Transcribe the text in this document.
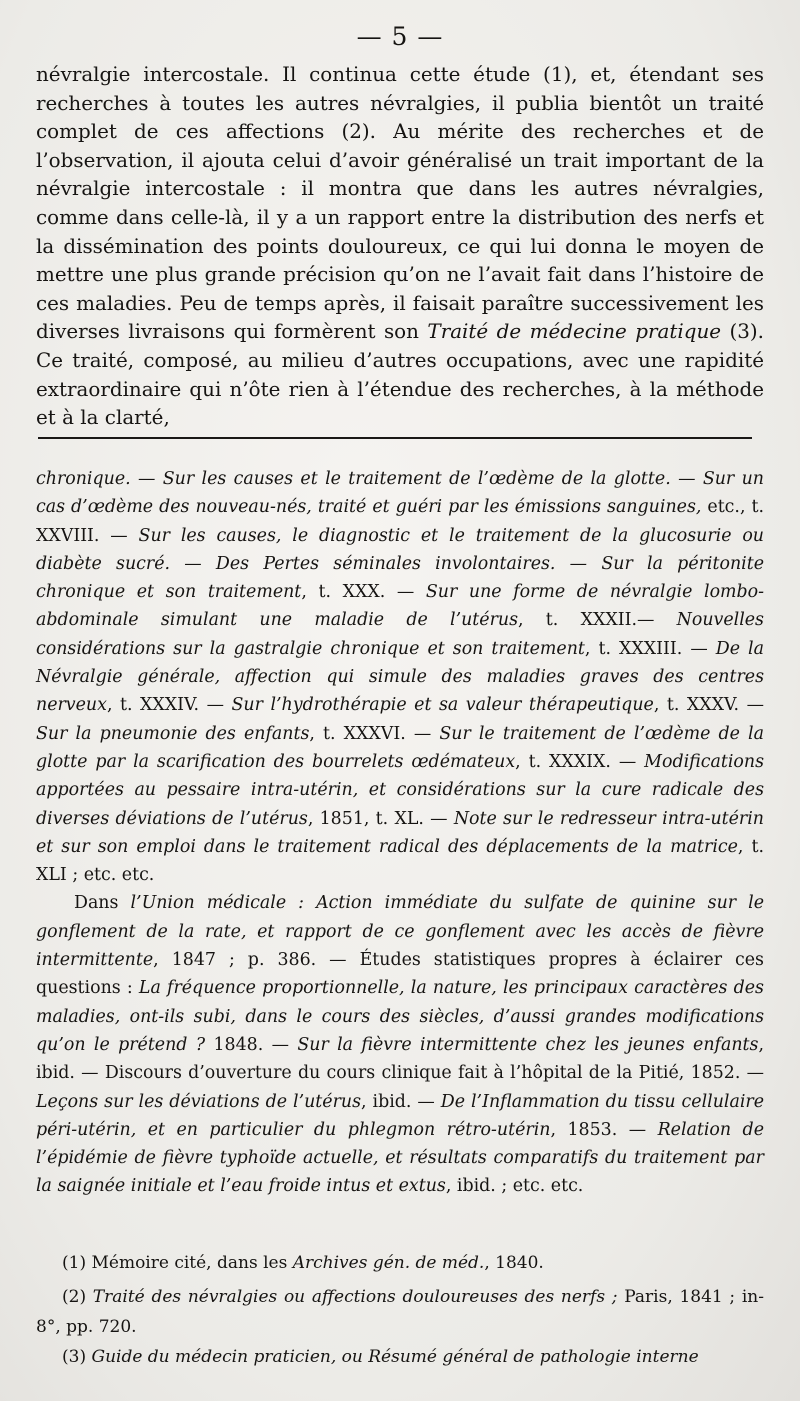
— 5 —
névralgie intercostale. Il continua cette étude (1), et, étendant ses recherches à toutes les autres névralgies, il publia bientôt un traité complet de ces affections (2). Au mérite des recherches et de l’observation, il ajouta celui d’avoir généralisé un trait important de la névralgie intercostale : il montra que dans les autres névralgies, comme dans celle-là, il y a un rapport entre la distribution des nerfs et la dissémination des points douloureux, ce qui lui donna le moyen de mettre une plus grande précision qu’on ne l’avait fait dans l’histoire de ces maladies. Peu de temps après, il faisait paraître successivement les diverses livraisons qui formèrent son Traité de médecine pratique (3). Ce traité, composé, au milieu d’autres occupations, avec une rapidité extraordinaire qui n’ôte rien à l’étendue des recherches, à la méthode et à la clarté,

chronique. — Sur les causes et le traitement de l’œdème de la glotte. — Sur un cas d’œdème des nouveau-nés, traité et guéri par les émissions sanguines, etc., t. XXVIII. — Sur les causes, le diagnostic et le traitement de la glucosurie ou diabète sucré. — Des Pertes séminales involontaires. — Sur la péritonite chronique et son traitement, t. XXX. — Sur une forme de névralgie lombo-abdominale simulant une maladie de l’utérus, t. XXXII.— Nouvelles considérations sur la gastralgie chronique et son traitement, t. XXXIII. — De la Névralgie générale, affection qui simule des maladies graves des centres nerveux, t. XXXIV. — Sur l’hydrothérapie et sa valeur thérapeutique, t. XXXV. — Sur la pneumonie des enfants, t. XXXVI. — Sur le traitement de l’œdème de la glotte par la scarification des bourrelets œdémateux, t. XXXIX. — Modifications apportées au pessaire intra-utérin, et considérations sur la cure radicale des diverses déviations de l’utérus, 1851, t. XL. — Note sur le redresseur intra-utérin et sur son emploi dans le traitement radical des déplacements de la matrice, t. XLI ; etc. etc.

Dans l’Union médicale : Action immédiate du sulfate de quinine sur le gonflement de la rate, et rapport de ce gonflement avec les accès de fièvre intermittente, 1847 ; p. 386. — Études statistiques propres à éclairer ces questions : La fréquence proportionnelle, la nature, les principaux caractères des maladies, ont-ils subi, dans le cours des siècles, d’aussi grandes modifications qu’on le prétend ? 1848. — Sur la fièvre intermittente chez les jeunes enfants, ibid. — Discours d’ouverture du cours clinique fait à l’hôpital de la Pitié, 1852. — Leçons sur les déviations de l’utérus, ibid. — De l’Inflammation du tissu cellulaire péri-utérin, et en particulier du phlegmon rétro-utérin, 1853. — Relation de l’épidémie de fièvre typhoïde actuelle, et résultats comparatifs du traitement par la saignée initiale et l’eau froide intus et extus, ibid. ; etc. etc.

(1) Mémoire cité, dans les Archives gén. de méd., 1840.

(2) Traité des névralgies ou affections douloureuses des nerfs ; Paris, 1841 ; in-8°, pp. 720.

(3) Guide du médecin praticien, ou Résumé général de pathologie interne
